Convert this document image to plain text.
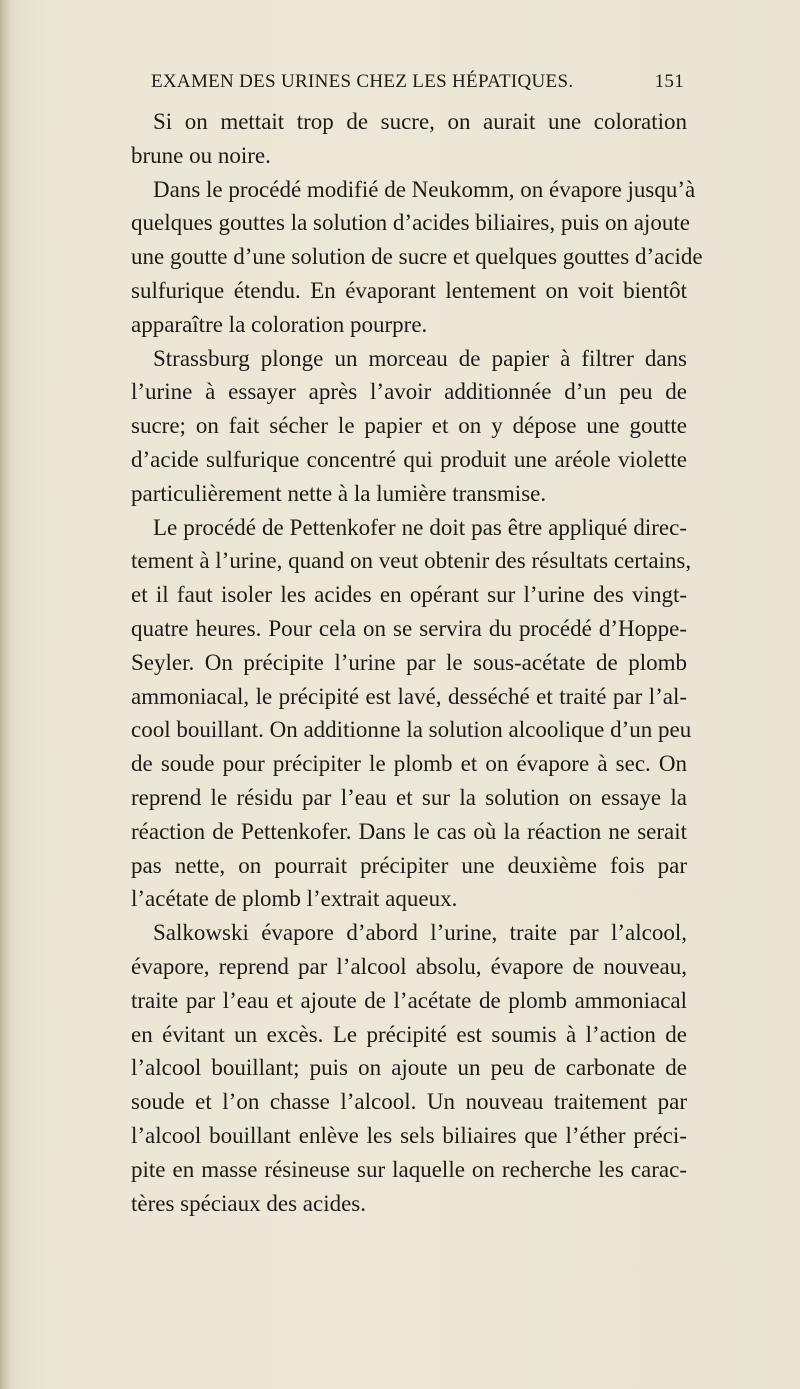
EXAMEN DES URINES CHEZ LES HÉPATIQUES.	151

Si on mettait trop de sucre, on aurait une coloration
brune ou noire.

Dans le procédé modifié de Neukomm, on évapore jusqu’à
quelques gouttes la solution d’acides biliaires, puis on ajoute
une goutte d’une solution de sucre et quelques gouttes d’acide
sulfurique étendu. En évaporant lentement on voit bientôt
apparaître la coloration pourpre.

Strassburg plonge un morceau de papier à filtrer dans
l’urine à essayer après l’avoir additionnée d’un peu de
sucre; on fait sécher le papier et on y dépose une goutte
d’acide sulfurique concentré qui produit une aréole violette
particulièrement nette à la lumière transmise.

Le procédé de Pettenkofer ne doit pas être appliqué direc-
tement à l’urine, quand on veut obtenir des résultats certains,
et il faut isoler les acides en opérant sur l’urine des vingt-
quatre heures. Pour cela on se servira du procédé d’Hoppe-
Seyler. On précipite l’urine par le sous-acétate de plomb
ammoniacal, le précipité est lavé, desséché et traité par l’al-
cool bouillant. On additionne la solution alcoolique d’un peu
de soude pour précipiter le plomb et on évapore à sec. On
reprend le résidu par l’eau et sur la solution on essaye la
réaction de Pettenkofer. Dans le cas où la réaction ne serait
pas nette, on pourrait précipiter une deuxième fois par
l’acétate de plomb l’extrait aqueux.

Salkowski évapore d’abord l’urine, traite par l’alcool,
évapore, reprend par l’alcool absolu, évapore de nouveau,
traite par l’eau et ajoute de l’acétate de plomb ammoniacal
en évitant un excès. Le précipité est soumis à l’action de
l’alcool bouillant; puis on ajoute un peu de carbonate de
soude et l’on chasse l’alcool. Un nouveau traitement par
l’alcool bouillant enlève les sels biliaires que l’éther préci-
pite en masse résineuse sur laquelle on recherche les carac-
tères spéciaux des acides.
